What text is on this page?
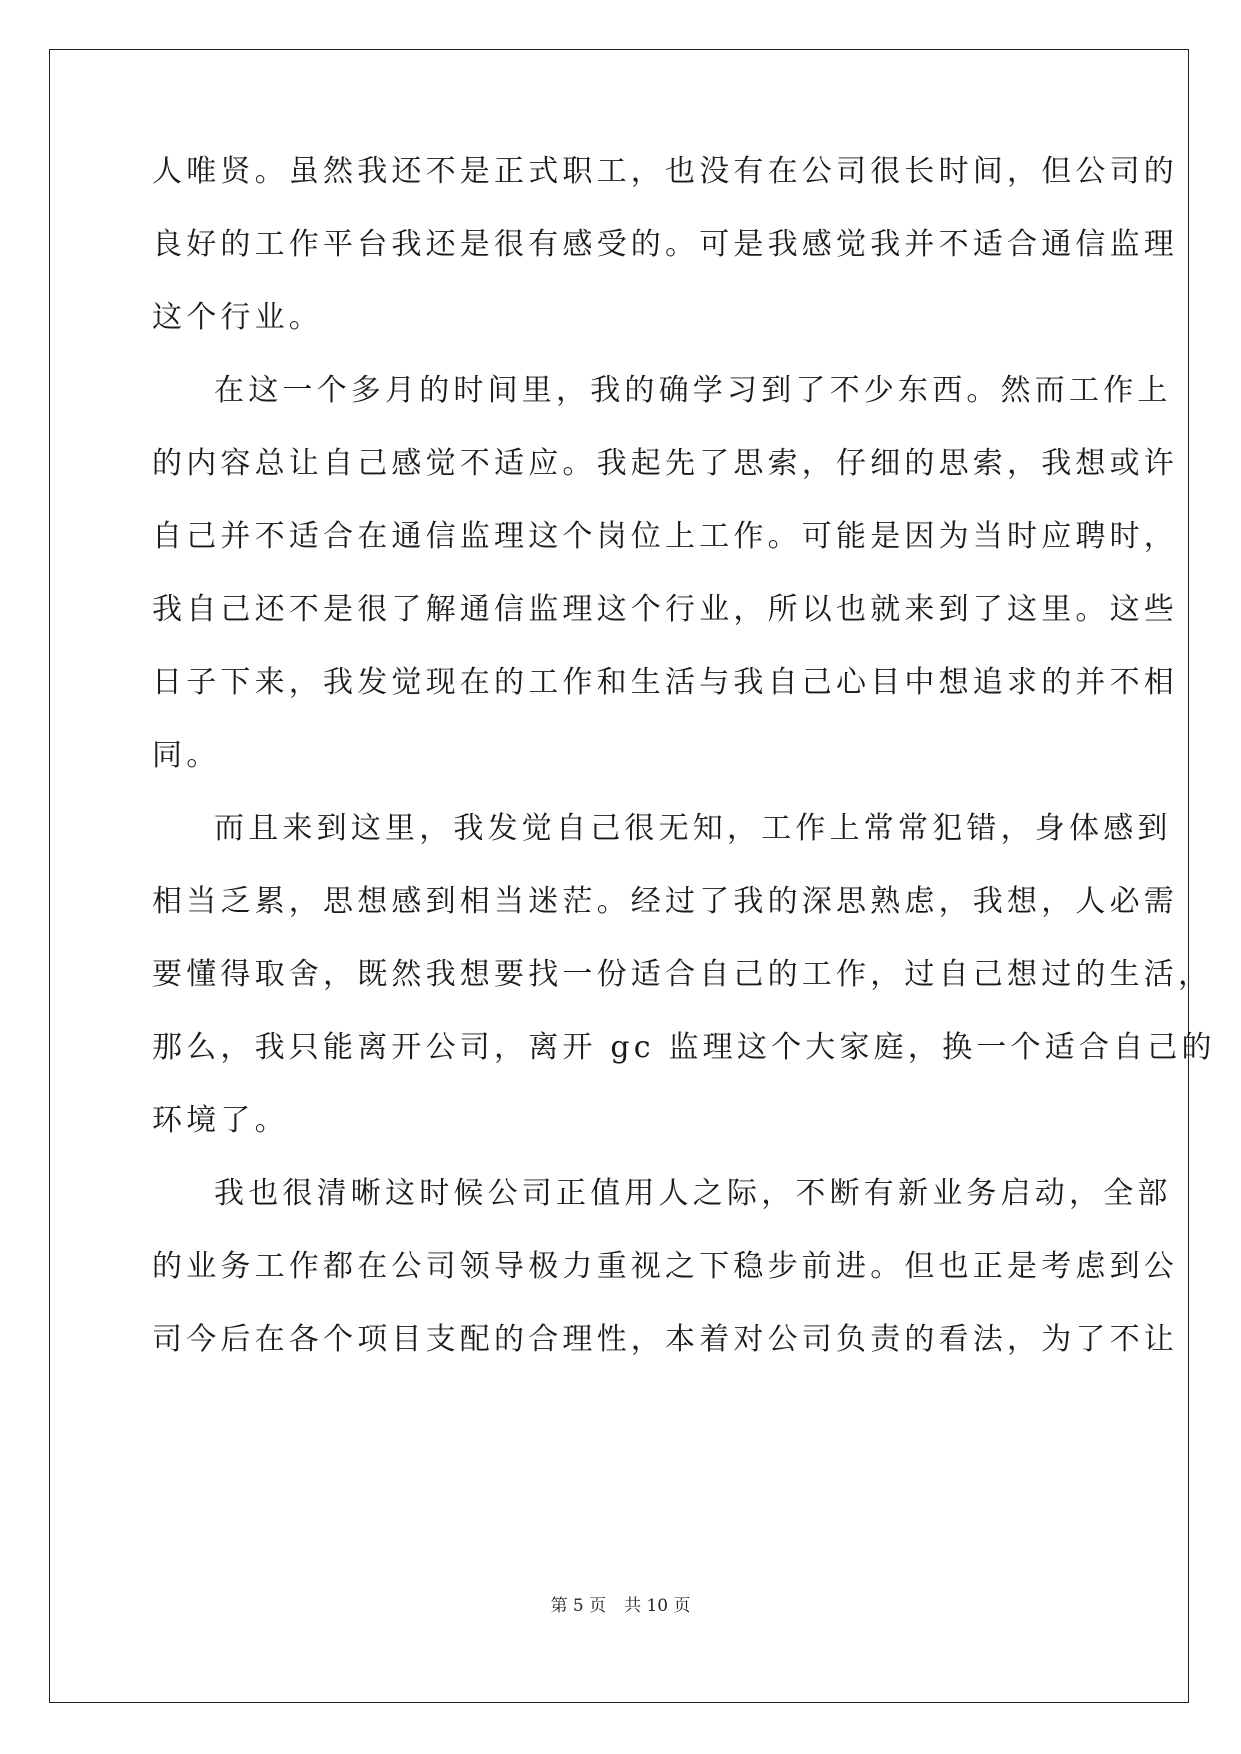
人唯贤。虽然我还不是正式职工，也没有在公司很长时间，但公司的
良好的工作平台我还是很有感受的。可是我感觉我并不适合通信监理
这个行业。
在这一个多月的时间里，我的确学习到了不少东西。然而工作上
的内容总让自己感觉不适应。我起先了思索，仔细的思索，我想或许
自己并不适合在通信监理这个岗位上工作。可能是因为当时应聘时，
我自己还不是很了解通信监理这个行业，所以也就来到了这里。这些
日子下来，我发觉现在的工作和生活与我自己心目中想追求的并不相
同。
而且来到这里，我发觉自己很无知，工作上常常犯错，身体感到
相当乏累，思想感到相当迷茫。经过了我的深思熟虑，我想，人必需
要懂得取舍，既然我想要找一份适合自己的工作，过自己想过的生活，
那么，我只能离开公司，离开 gc 监理这个大家庭，换一个适合自己的
环境了。
我也很清晰这时候公司正值用人之际，不断有新业务启动，全部
的业务工作都在公司领导极力重视之下稳步前进。但也正是考虑到公
司今后在各个项目支配的合理性，本着对公司负责的看法，为了不让
第 5 页 共 10 页
